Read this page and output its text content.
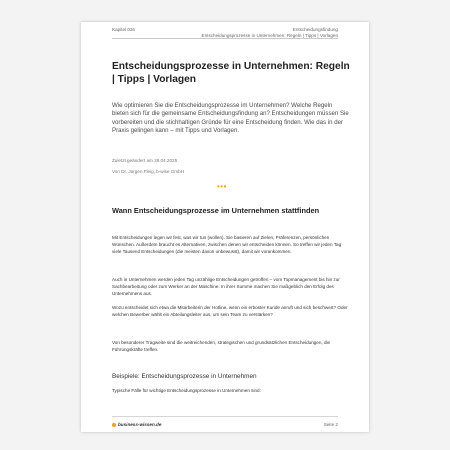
Kapitel 026	Entscheidungsfindung
Entscheidungsprozesse in Unternehmen: Regeln | Tipps | Vorlagen
Entscheidungsprozesse in Unternehmen: Regeln | Tipps | Vorlagen
Wie optimieren Sie die Entscheidungsprozesse im Unternehmen? Welche Regeln bieten sich für die gemeinsame Entscheidungsfindung an? Entscheidungen müssen Sie vorbereiten und die stichhaltigen Gründe für eine Entscheidung finden. Wie das in der Praxis gelingen kann – mit Tipps und Vorlagen.
Zuletzt geändert am 28.04.2025
Von Dr. Jürgen Fleig, b-wise GmbH
•••
Wann Entscheidungsprozesse im Unternehmen stattfinden
Mit Entscheidungen legen wir fest, was wir tun (wollen). Sie basieren auf Zielen, Präferenzen, persönlichen Wünschen. Außerdem braucht es Alternativen, zwischen denen wir entscheiden können. So treffen wir jeden Tag viele Tausend Entscheidungen (die meisten davon unbewusst), damit wir vorankommen.
Auch in Unternehmen werden jeden Tag unzählige Entscheidungen getroffen – vom Topmanagement bis hin zur Sachbearbeitung oder zum Werker an der Maschine. In ihrer Summe machen Sie maßgeblich den Erfolg des Unternehmens aus.
Wozu entscheidet sich etwa die Mitarbeiterin der Hotline, wenn ein erboster Kunde anruft und sich beschwert? Oder welchen Bewerber wählt ein Abteilungsleiter aus, um sein Team zu verstärken?
Von besonderer Tragweite sind die weitreichenden, strategischen und grundsätzlichen Entscheidungen, die Führungskräfte treffen.
Beispiele: Entscheidungsprozesse in Unternehmen
Typische Fälle für wichtige Entscheidungsprozesse in Unternehmen sind:
business-wissen.de	Seite 2
